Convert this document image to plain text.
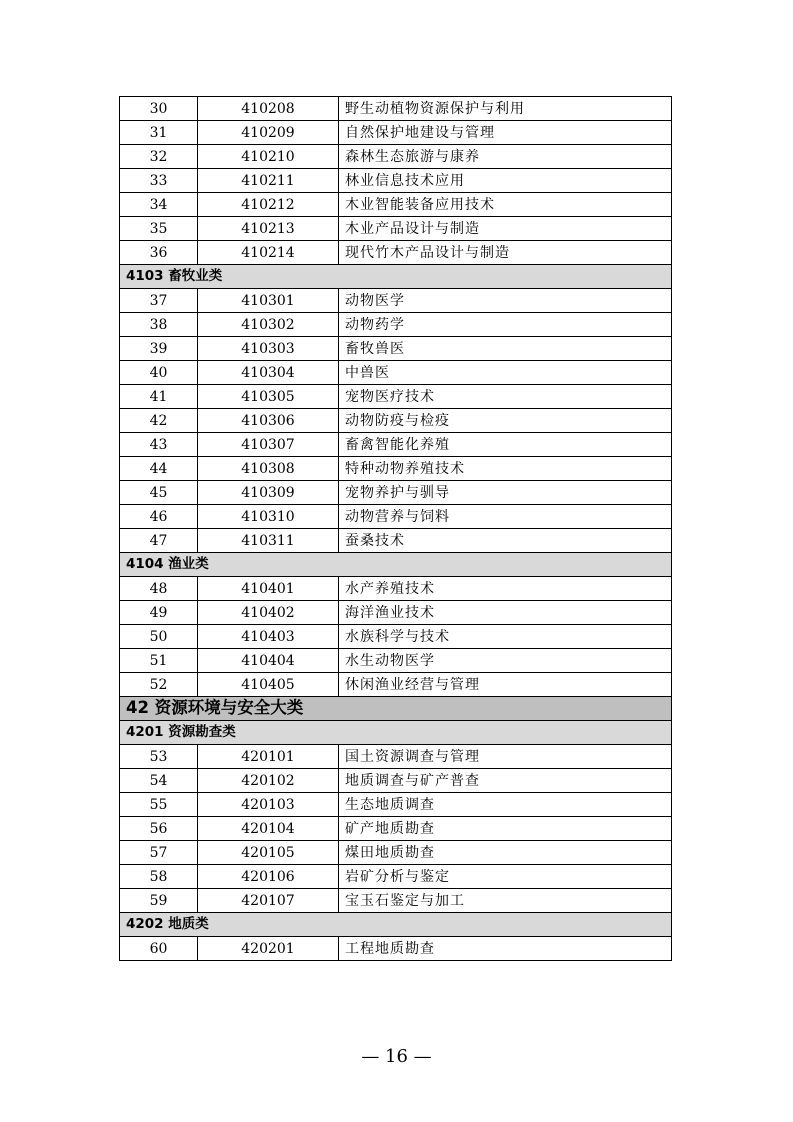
30	410208	野生动植物资源保护与利用
31	410209	自然保护地建设与管理
32	410210	森林生态旅游与康养
33	410211	林业信息技术应用
34	410212	木业智能装备应用技术
35	410213	木业产品设计与制造
36	410214	现代竹木产品设计与制造
4103 畜牧业类		
37	410301	动物医学
38	410302	动物药学
39	410303	畜牧兽医
40	410304	中兽医
41	410305	宠物医疗技术
42	410306	动物防疫与检疫
43	410307	畜禽智能化养殖
44	410308	特种动物养殖技术
45	410309	宠物养护与驯导
46	410310	动物营养与饲料
47	410311	蚕桑技术
4104 渔业类		
48	410401	水产养殖技术
49	410402	海洋渔业技术
50	410403	水族科学与技术
51	410404	水生动物医学
52	410405	休闲渔业经营与管理
42 资源环境与安全大类		
4201 资源勘查类		
53	420101	国土资源调查与管理
54	420102	地质调查与矿产普查
55	420103	生态地质调查
56	420104	矿产地质勘查
57	420105	煤田地质勘查
58	420106	岩矿分析与鉴定
59	420107	宝玉石鉴定与加工
4202 地质类		
60	420201	工程地质勘查
— 16 —
